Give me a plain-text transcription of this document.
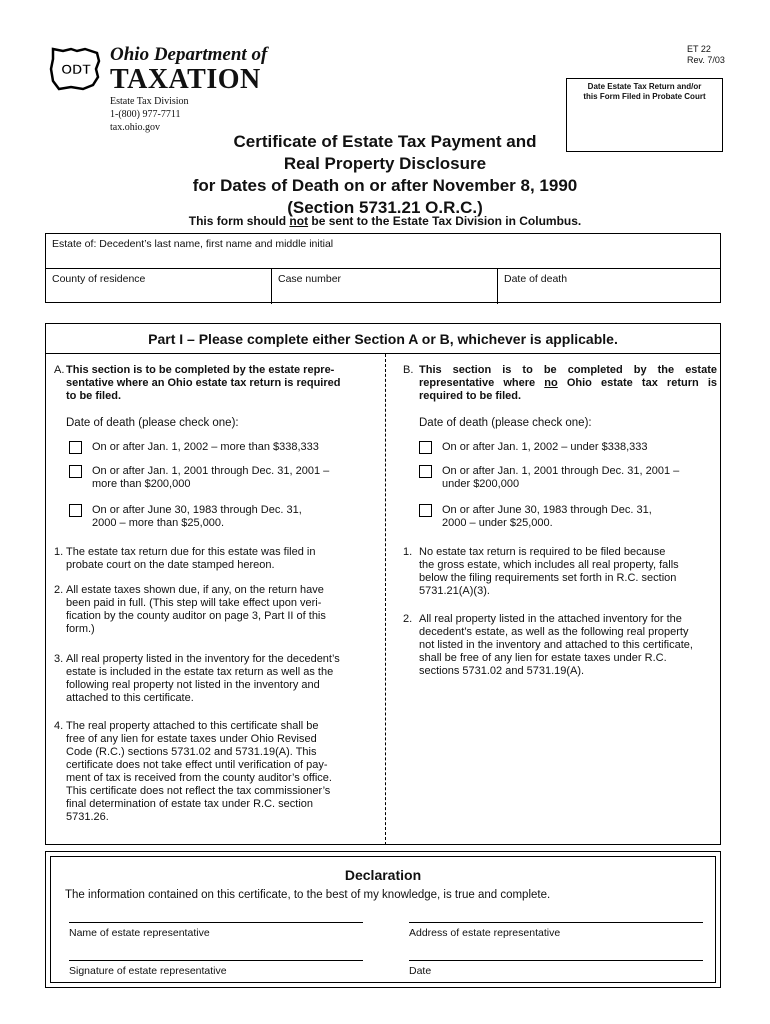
ODT
Ohio Department of
TAXATION
Estate Tax Division
1-(800) 977-7711
tax.ohio.gov
ET 22
Rev. 7/03
Date Estate Tax Return and/or
this Form Filed in Probate Court
Certificate of Estate Tax Payment and
Real Property Disclosure
for Dates of Death on or after November 8, 1990
(Section 5731.21 O.R.C.)
This form should not be sent to the Estate Tax Division in Columbus.
Estate of: Decedent’s last name, first name and middle initial
County of residence	Case number	Date of death
Part I – Please complete either Section A or B, whichever is applicable.
A. This section is to be completed by the estate repre-
sentative where an Ohio estate tax return is required
to be filed.
Date of death (please check one):
On or after Jan. 1, 2002 – more than $338,333
On or after Jan. 1, 2001 through Dec. 31, 2001 –
more than $200,000
On or after June 30, 1983 through Dec. 31,
2000 – more than $25,000.
1. The estate tax return due for this estate was filed in
probate court on the date stamped hereon.
2. All estate taxes shown due, if any, on the return have
been paid in full. (This step will take effect upon veri-
fication by the county auditor on page 3, Part II of this
form.)
3. All real property listed in the inventory for the decedent’s
estate is included in the estate tax return as well as the
following real property not listed in the inventory and
attached to this certificate.
4. The real property attached to this certificate shall be
free of any lien for estate taxes under Ohio Revised
Code (R.C.) sections 5731.02 and 5731.19(A). This
certificate does not take effect until verification of pay-
ment of tax is received from the county auditor’s office.
This certificate does not reflect the tax commissioner’s
final determination of estate tax under R.C. section
5731.26.
B. This section is to be completed by the estate
representative where no Ohio estate tax return is
required to be filed.
Date of death (please check one):
On or after Jan. 1, 2002 – under $338,333
On or after Jan. 1, 2001 through Dec. 31, 2001 –
under $200,000
On or after June 30, 1983 through Dec. 31,
2000 – under $25,000.
1. No estate tax return is required to be filed because
the gross estate, which includes all real property, falls
below the filing requirements set forth in R.C. section
5731.21(A)(3).
2. All real property listed in the attached inventory for the
decedent’s estate, as well as the following real property
not listed in the inventory and attached to this certificate,
shall be free of any lien for estate taxes under R.C.
sections 5731.02 and 5731.19(A).
Declaration
The information contained on this certificate, to the best of my knowledge, is true and complete.
Name of estate representative	Address of estate representative
Signature of estate representative	Date
